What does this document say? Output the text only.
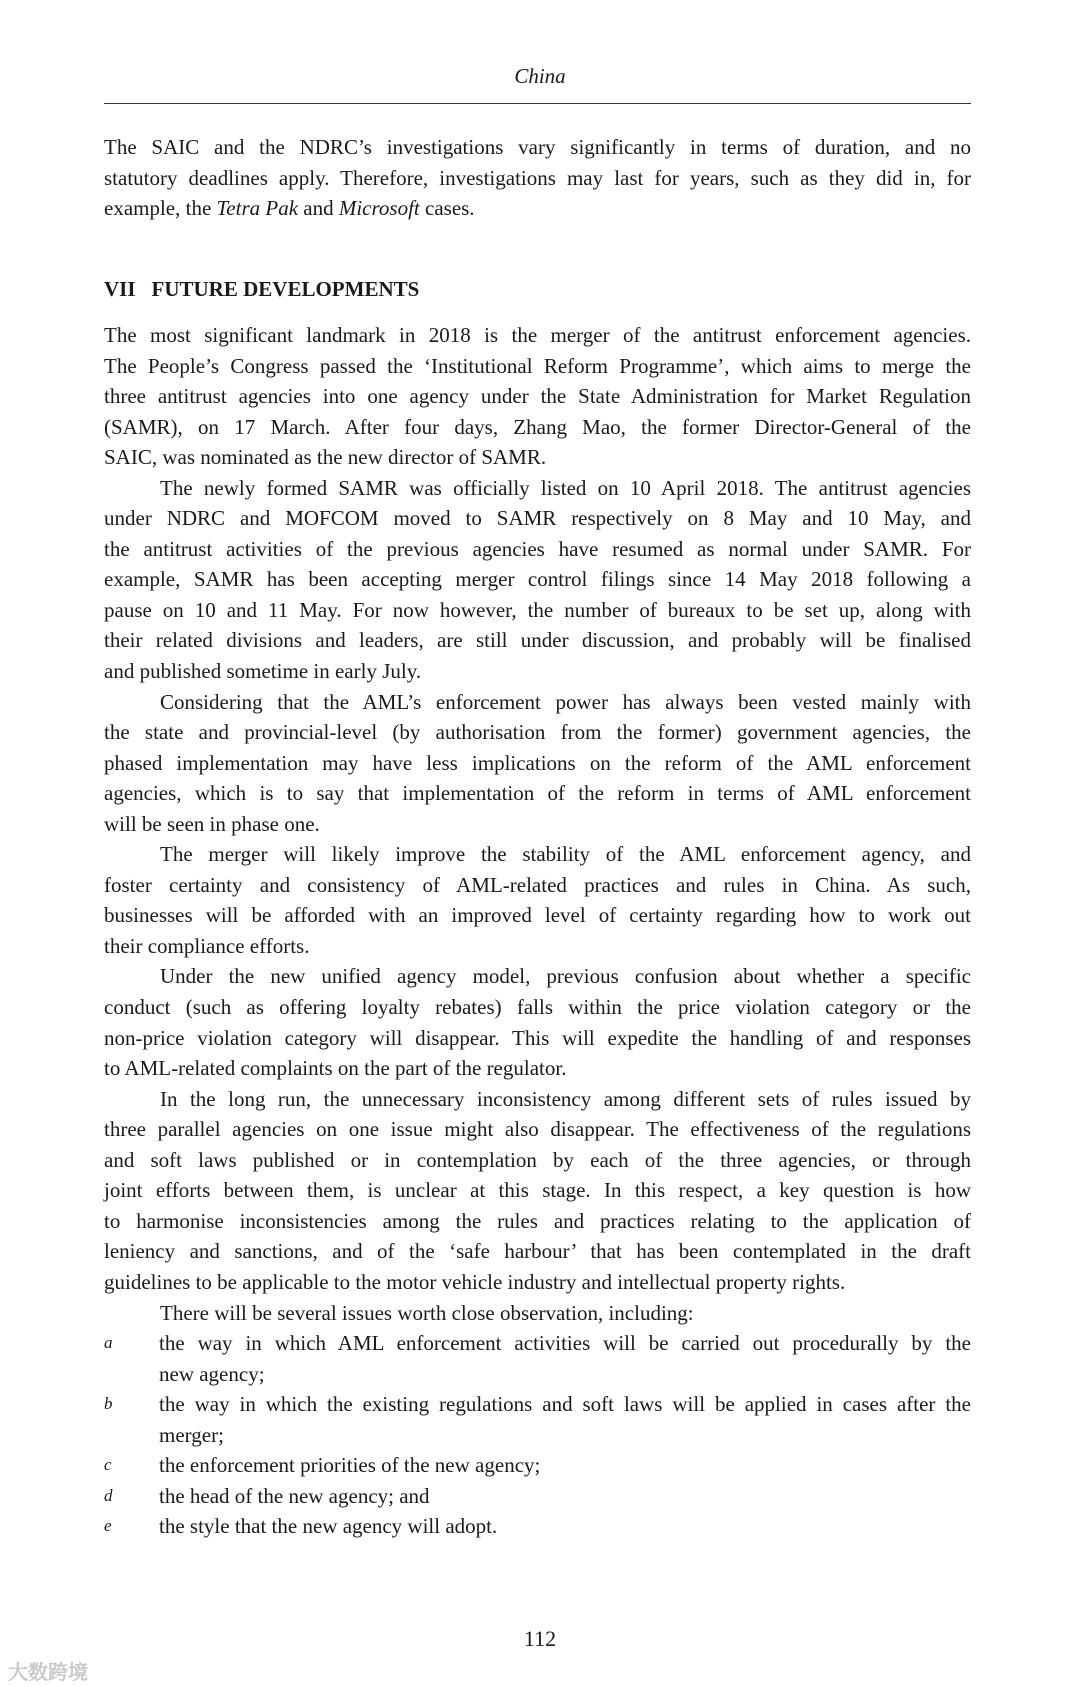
China
The SAIC and the NDRC’s investigations vary significantly in terms of duration, and no
statutory deadlines apply. Therefore, investigations may last for years, such as they did in, for
example, the Tetra Pak and Microsoft cases.
VII FUTURE DEVELOPMENTS
The most significant landmark in 2018 is the merger of the antitrust enforcement agencies.
The People’s Congress passed the ‘Institutional Reform Programme’, which aims to merge the
three antitrust agencies into one agency under the State Administration for Market Regulation
(SAMR), on 17 March. After four days, Zhang Mao, the former Director-General of the
SAIC, was nominated as the new director of SAMR.
The newly formed SAMR was officially listed on 10 April 2018. The antitrust agencies
under NDRC and MOFCOM moved to SAMR respectively on 8 May and 10 May, and
the antitrust activities of the previous agencies have resumed as normal under SAMR. For
example, SAMR has been accepting merger control filings since 14 May 2018 following a
pause on 10 and 11 May. For now however, the number of bureaux to be set up, along with
their related divisions and leaders, are still under discussion, and probably will be finalised
and published sometime in early July.
Considering that the AML’s enforcement power has always been vested mainly with
the state and provincial-level (by authorisation from the former) government agencies, the
phased implementation may have less implications on the reform of the AML enforcement
agencies, which is to say that implementation of the reform in terms of AML enforcement
will be seen in phase one.
The merger will likely improve the stability of the AML enforcement agency, and
foster certainty and consistency of AML-related practices and rules in China. As such,
businesses will be afforded with an improved level of certainty regarding how to work out
their compliance efforts.
Under the new unified agency model, previous confusion about whether a specific
conduct (such as offering loyalty rebates) falls within the price violation category or the
non-price violation category will disappear. This will expedite the handling of and responses
to AML-related complaints on the part of the regulator.
In the long run, the unnecessary inconsistency among different sets of rules issued by
three parallel agencies on one issue might also disappear. The effectiveness of the regulations
and soft laws published or in contemplation by each of the three agencies, or through
joint efforts between them, is unclear at this stage. In this respect, a key question is how
to harmonise inconsistencies among the rules and practices relating to the application of
leniency and sanctions, and of the ‘safe harbour’ that has been contemplated in the draft
guidelines to be applicable to the motor vehicle industry and intellectual property rights.
There will be several issues worth close observation, including:
a	the way in which AML enforcement activities will be carried out procedurally by the
new agency;
b	the way in which the existing regulations and soft laws will be applied in cases after the
merger;
c	the enforcement priorities of the new agency;
d	the head of the new agency; and
e	the style that the new agency will adopt.
112
大数跨境
